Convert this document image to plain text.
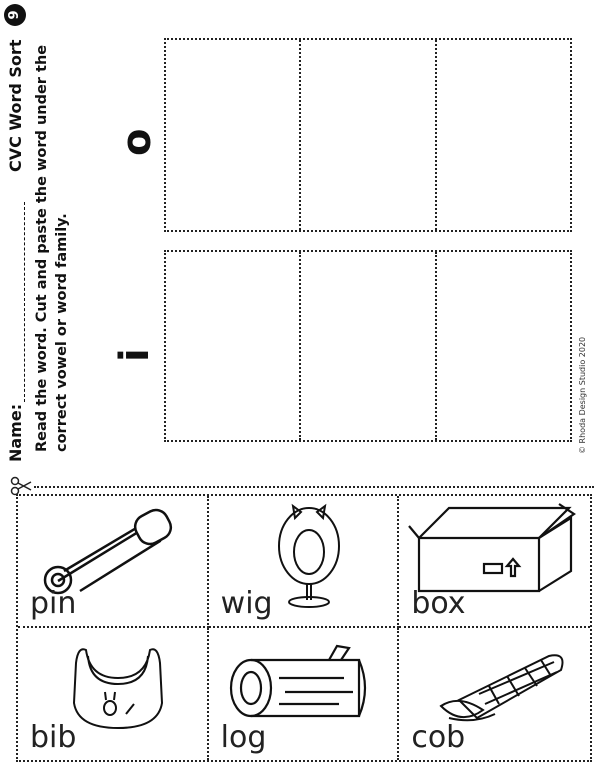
9
CVC Word Sort
Name: Read the word. Cut and paste the word under the correct vowel or word family.
o
i	© Rhoda Design Studio 2020
pin	wig	box
bib	log	cob
